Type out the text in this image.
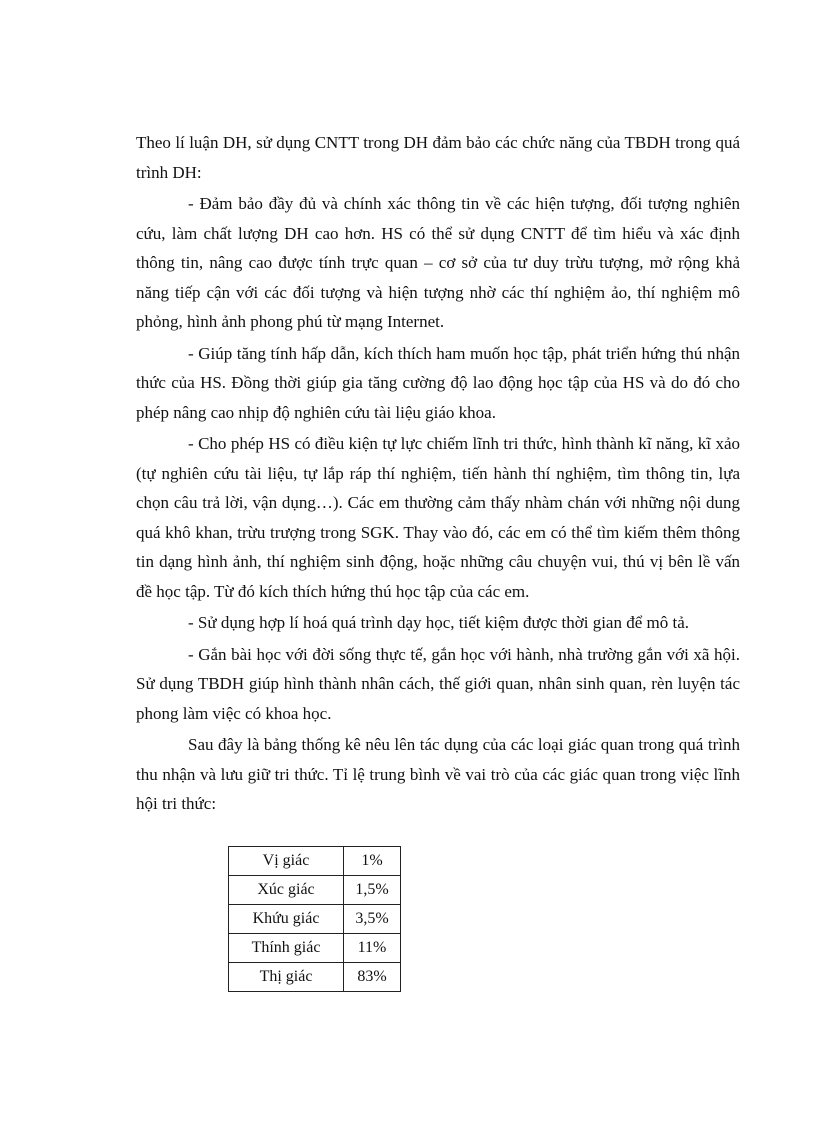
Theo lí luận DH, sử dụng CNTT trong DH đảm bảo các chức năng của TBDH trong quá trình DH:

- Đảm bảo đầy đủ và chính xác thông tin về các hiện tượng, đối tượng nghiên cứu, làm chất lượng DH cao hơn. HS có thể sử dụng CNTT để tìm hiểu và xác định thông tin, nâng cao được tính trực quan – cơ sở của tư duy trừu tượng, mở rộng khả năng tiếp cận với các đối tượng và hiện tượng nhờ các thí nghiệm ảo, thí nghiệm mô phỏng, hình ảnh phong phú từ mạng Internet.

- Giúp tăng tính hấp dẫn, kích thích ham muốn học tập, phát triển hứng thú nhận thức của HS. Đồng thời giúp gia tăng cường độ lao động học tập của HS và do đó cho phép nâng cao nhịp độ nghiên cứu tài liệu giáo khoa.

- Cho phép HS có điều kiện tự lực chiếm lĩnh tri thức, hình thành kĩ năng, kĩ xảo (tự nghiên cứu tài liệu, tự lắp ráp thí nghiệm, tiến hành thí nghiệm, tìm thông tin, lựa chọn câu trả lời, vận dụng…). Các em thường cảm thấy nhàm chán với những nội dung quá khô khan, trừu trượng trong SGK. Thay vào đó, các em có thể tìm kiếm thêm thông tin dạng hình ảnh, thí nghiệm sinh động, hoặc những câu chuyện vui, thú vị bên lề vấn đề học tập. Từ đó kích thích hứng thú học tập của các em.

- Sử dụng hợp lí hoá quá trình dạy học, tiết kiệm được thời gian để mô tả.

- Gắn bài học với đời sống thực tế, gắn học với hành, nhà trường gắn với xã hội. Sử dụng TBDH giúp hình thành nhân cách, thế giới quan, nhân sinh quan, rèn luyện tác phong làm việc có khoa học.

Sau đây là bảng thống kê nêu lên tác dụng của các loại giác quan trong quá trình thu nhận và lưu giữ tri thức. Tỉ lệ trung bình về vai trò của các giác quan trong việc lĩnh hội tri thức:

Vị giác	1%
Xúc giác	1,5%
Khứu giác	3,5%
Thính giác	11%
Thị giác	83%
